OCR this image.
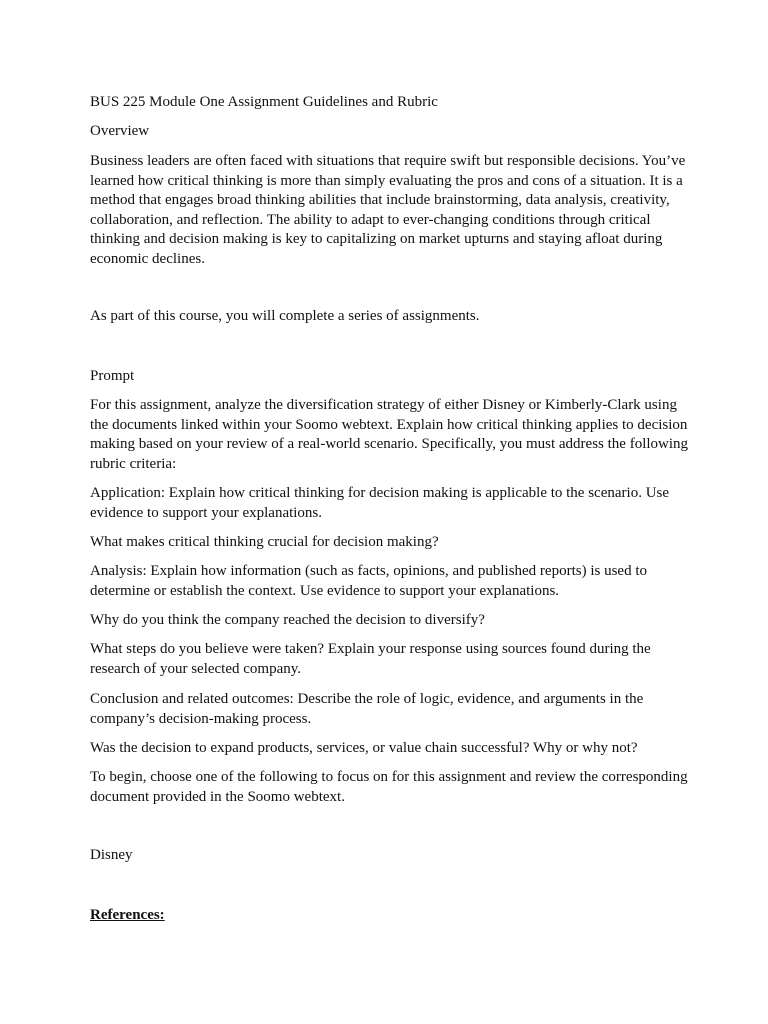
BUS 225 Module One Assignment Guidelines and Rubric

Overview

Business leaders are often faced with situations that require swift but responsible decisions. You’ve learned how critical thinking is more than simply evaluating the pros and cons of a situation. It is a method that engages broad thinking abilities that include brainstorming, data analysis, creativity, collaboration, and reflection. The ability to adapt to ever-changing conditions through critical thinking and decision making is key to capitalizing on market upturns and staying afloat during economic declines.

As part of this course, you will complete a series of assignments.

Prompt

For this assignment, analyze the diversification strategy of either Disney or Kimberly-Clark using the documents linked within your Soomo webtext. Explain how critical thinking applies to decision making based on your review of a real-world scenario. Specifically, you must address the following rubric criteria:

Application: Explain how critical thinking for decision making is applicable to the scenario. Use evidence to support your explanations.

What makes critical thinking crucial for decision making?

Analysis: Explain how information (such as facts, opinions, and published reports) is used to determine or establish the context. Use evidence to support your explanations.

Why do you think the company reached the decision to diversify?

What steps do you believe were taken? Explain your response using sources found during the research of your selected company.

Conclusion and related outcomes: Describe the role of logic, evidence, and arguments in the company’s decision-making process.

Was the decision to expand products, services, or value chain successful? Why or why not?

To begin, choose one of the following to focus on for this assignment and review the corresponding document provided in the Soomo webtext.

Disney

References:
